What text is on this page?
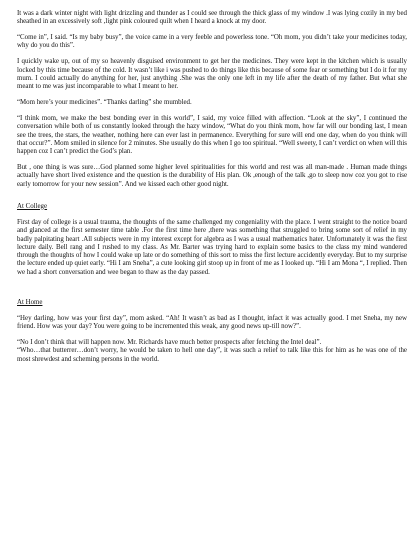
It was a dark winter night with light drizzling and thunder as I could see through the thick glass of my window .I was lying cozily in my bed sheathed in an excessively soft ,light pink coloured quilt when I heard a knock at my door.

“Come in”, I said. “Is my baby busy”, the voice came in a very feeble and powerless tone. “Oh mom, you didn’t take your medicines today, why do you do this”.

I quickly wake up, out of my so heavenly disguised environment to get her the medicines. They were kept in the kitchen which is usually locked by this time because of the cold. It wasn’t like i was pushed to do things like this because of some fear or something but I do it for my mum. I could actually do anything for her, just anything .She was the only one left in my life after the death of my father. But what she meant to me was just incomparable to what I meant to her.

“Mom here’s your medicines”. “Thanks darling” she mumbled.

“I think mom, we make the best bonding ever in this world”, I said, my voice filled with affection. “Look at the sky”, I continued the conversation while both of us constantly looked through the hazy window, “What do you think mom, how far will our bonding last, I mean see the trees, the stars, the weather, nothing here can ever last in permanence. Everything for sure will end one day, when do you think will that occur?”. Mom smiled in silence for 2 minutes. She usually do this when I go too spiritual. “Well sweety, I can’t verdict on when will this happen coz I can’t predict the God’s plan.

But , one thing is was sure…God planned some higher level spiritualities for this world and rest was all man-made . Human made things actually have short lived existence and the question is the durability of His plan. Ok ,enough of the talk ,go to sleep now coz you got to rise early tomorrow for your new session”. And we kissed each other good night.

At College

First day of college is a usual trauma, the thoughts of the same challenged my congeniality with the place. I went straight to the notice board and glanced at the first semester time table .For the first time here ,there was something that struggled to bring some sort of relief in my badly palpitating heart .All subjects were in my interest except for algebra as I was a usual mathematics hater. Unfortunately it was the first lecture daily. Bell rang and I rushed to my class. As Mr. Barter was trying hard to explain some basics to the class my mind wandered through the thoughts of how I could wake up late or do something of this sort to miss the first lecture accidently everyday. But to my surprise the lecture ended up quiet early. “Hi I am Sneha”, a cute looking girl stoop up in front of me as I looked up. “Hi I am Mona “, I replied. Then we had a short conversation and wee began to thaw as the day passed.

At Home

“Hey darling, how was your first day”, mom asked. “Ah! It wasn’t as bad as I thought, infact it was actually good. I met Sneha, my new friend. How was your day? You were going to be incremented this weak, any good news up-till now?”.

“No I don’t think that will happen now. Mr. Richards have much better prospects after fetching the Intel deal”.

“Who…that butterrer…don’t worry, he would be taken to hell one day”, it was such a relief to talk like this for him as he was one of the most shrewdest and scheming persons in the world.
